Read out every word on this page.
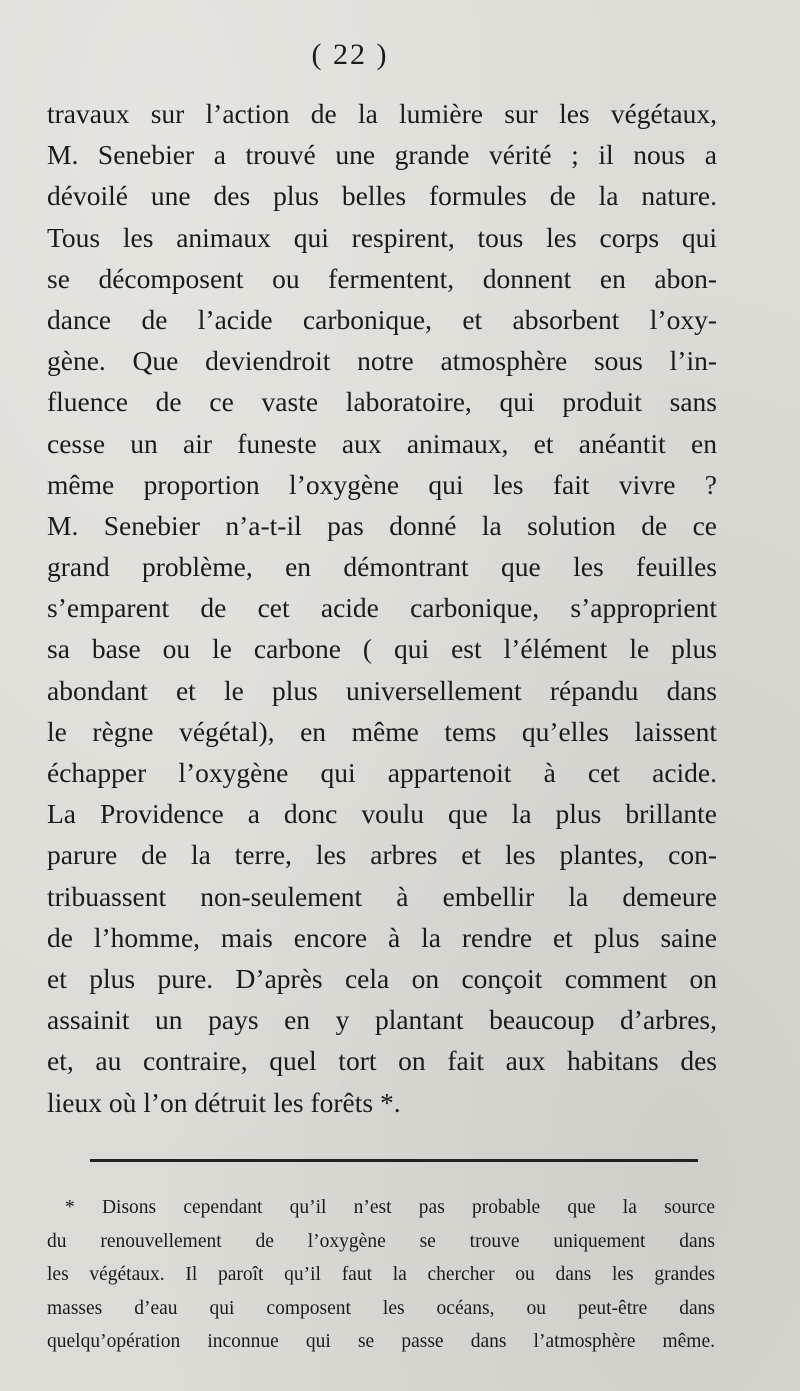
( 22 )
travaux sur l’action de la lumière sur les végétaux,
M. Senebier a trouvé une grande vérité ; il nous a
dévoilé une des plus belles formules de la nature.
Tous les animaux qui respirent, tous les corps qui
se décomposent ou fermentent, donnent en abon-
dance de l’acide carbonique, et absorbent l’oxy-
gène. Que deviendroit notre atmosphère sous l’in-
fluence de ce vaste laboratoire, qui produit sans
cesse un air funeste aux animaux, et anéantit en
même proportion l’oxygène qui les fait vivre ?
M. Senebier n’a-t-il pas donné la solution de ce
grand problème, en démontrant que les feuilles
s’emparent de cet acide carbonique, s’approprient
sa base ou le carbone ( qui est l’élément le plus
abondant et le plus universellement répandu dans
le règne végétal), en même tems qu’elles laissent
échapper l’oxygène qui appartenoit à cet acide.
La Providence a donc voulu que la plus brillante
parure de la terre, les arbres et les plantes, con-
tribuassent non-seulement à embellir la demeure
de l’homme, mais encore à la rendre et plus saine
et plus pure. D’après cela on conçoit comment on
assainit un pays en y plantant beaucoup d’arbres,
et, au contraire, quel tort on fait aux habitans des
lieux où l’on détruit les forêts *.
* Disons cependant qu’il n’est pas probable que la source
du renouvellement de l’oxygène se trouve uniquement dans
les végétaux. Il paroît qu’il faut la chercher ou dans les grandes
masses d’eau qui composent les océans, ou peut-être dans
quelqu’opération inconnue qui se passe dans l’atmosphère même.
